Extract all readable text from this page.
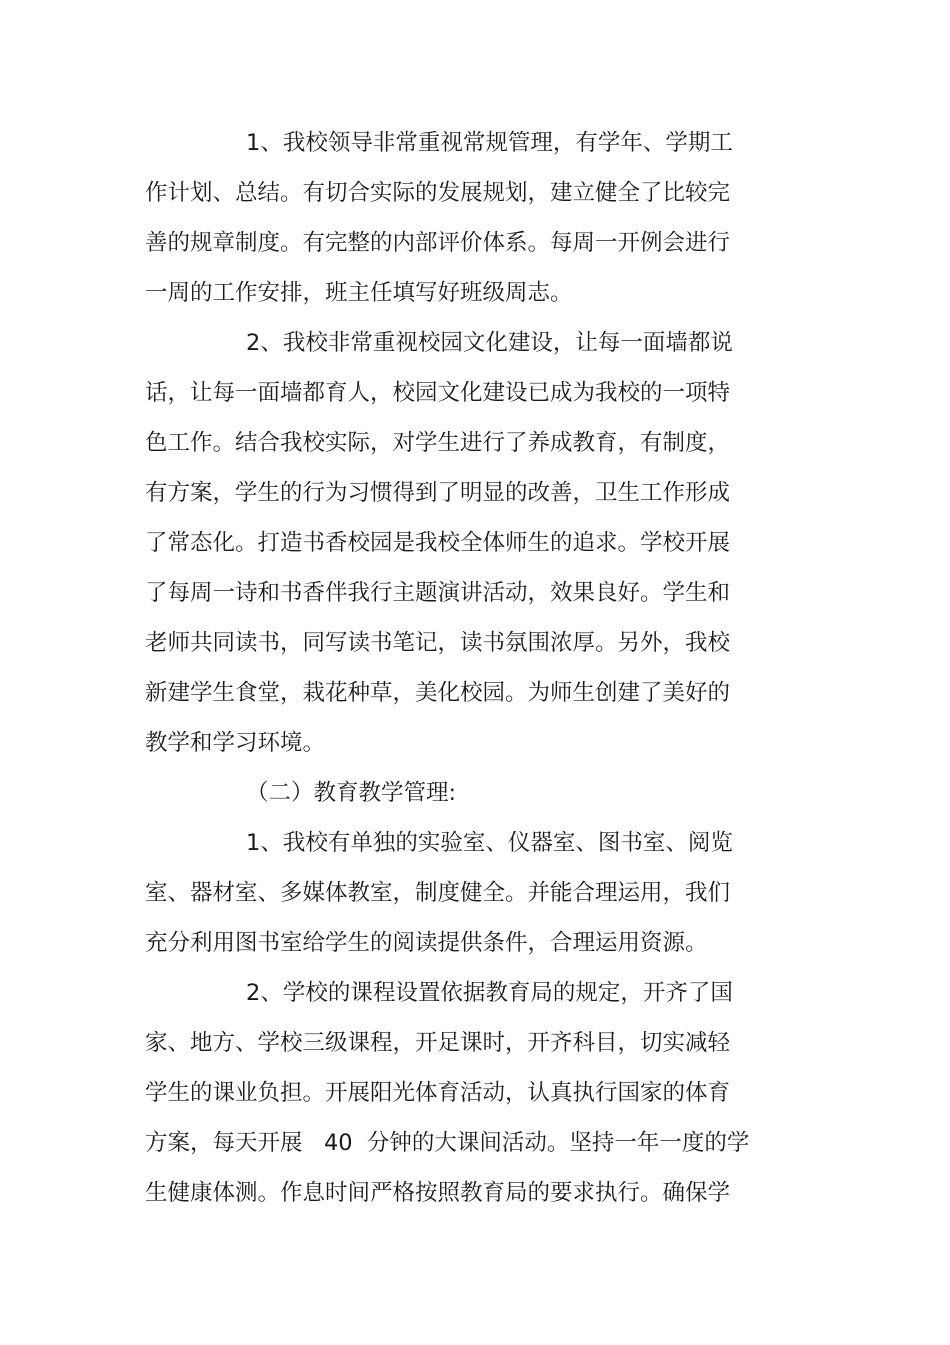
1、我校领导非常重视常规管理，有学年、学期工
作计划、总结。有切合实际的发展规划，建立健全了比较完
善的规章制度。有完整的内部评价体系。每周一开例会进行
一周的工作安排，班主任填写好班级周志。
2、我校非常重视校园文化建设，让每一面墙都说
话，让每一面墙都育人，校园文化建设已成为我校的一项特
色工作。结合我校实际，对学生进行了养成教育，有制度，
有方案，学生的行为习惯得到了明显的改善，卫生工作形成
了常态化。打造书香校园是我校全体师生的追求。学校开展
了每周一诗和书香伴我行主题演讲活动，效果良好。学生和
老师共同读书，同写读书笔记，读书氛围浓厚。另外，我校
新建学生食堂，栽花种草，美化校园。为师生创建了美好的
教学和学习环境。
（二）教育教学管理:
1、我校有单独的实验室、仪器室、图书室、阅览
室、器材室、多媒体教室，制度健全。并能合理运用，我们
充分利用图书室给学生的阅读提供条件，合理运用资源。
2、学校的课程设置依据教育局的规定，开齐了国
家、地方、学校三级课程，开足课时，开齐科目，切实减轻
学生的课业负担。开展阳光体育活动，认真执行国家的体育
方案，每天开展   40  分钟的大课间活动。坚持一年一度的学
生健康体测。作息时间严格按照教育局的要求执行。确保学
